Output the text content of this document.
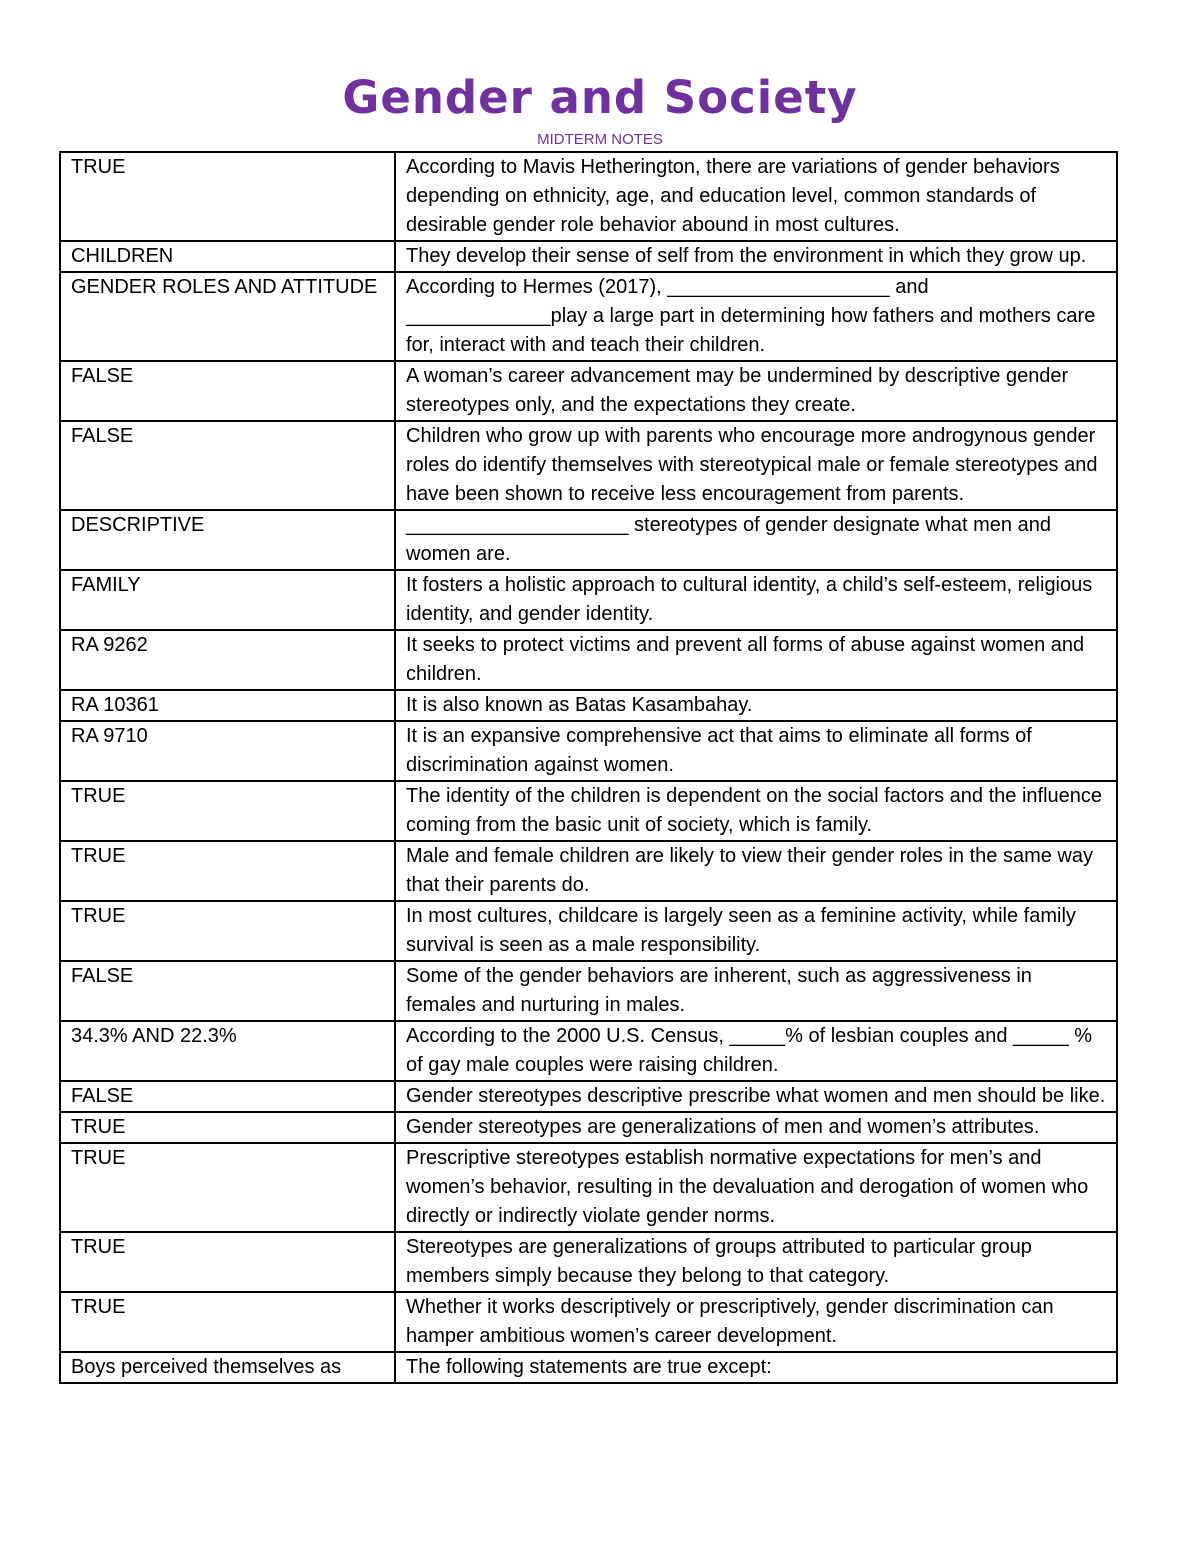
Gender and Society
MIDTERM NOTES
TRUE	According to Mavis Hetherington, there are variations of gender behaviors depending on ethnicity, age, and education level, common standards of desirable gender role behavior abound in most cultures.
CHILDREN	They develop their sense of self from the environment in which they grow up.
GENDER ROLES AND ATTITUDE	According to Hermes (2017), ____________________ and _____________play a large part in determining how fathers and mothers care for, interact with and teach their children.
FALSE	A woman’s career advancement may be undermined by descriptive gender stereotypes only, and the expectations they create.
FALSE	Children who grow up with parents who encourage more androgynous gender roles do identify themselves with stereotypical male or female stereotypes and have been shown to receive less encouragement from parents.
DESCRIPTIVE	____________________ stereotypes of gender designate what men and women are.
FAMILY	It fosters a holistic approach to cultural identity, a child’s self-esteem, religious identity, and gender identity.
RA 9262	It seeks to protect victims and prevent all forms of abuse against women and children.
RA 10361	It is also known as Batas Kasambahay.
RA 9710	It is an expansive comprehensive act that aims to eliminate all forms of discrimination against women.
TRUE	The identity of the children is dependent on the social factors and the influence coming from the basic unit of society, which is family.
TRUE	Male and female children are likely to view their gender roles in the same way that their parents do.
TRUE	In most cultures, childcare is largely seen as a feminine activity, while family survival is seen as a male responsibility.
FALSE	Some of the gender behaviors are inherent, such as aggressiveness in females and nurturing in males.
34.3% AND 22.3%	According to the 2000 U.S. Census, _____% of lesbian couples and _____ % of gay male couples were raising children.
FALSE	Gender stereotypes descriptive prescribe what women and men should be like.
TRUE	Gender stereotypes are generalizations of men and women’s attributes.
TRUE	Prescriptive stereotypes establish normative expectations for men’s and women’s behavior, resulting in the devaluation and derogation of women who directly or indirectly violate gender norms.
TRUE	Stereotypes are generalizations of groups attributed to particular group members simply because they belong to that category.
TRUE	Whether it works descriptively or prescriptively, gender discrimination can hamper ambitious women’s career development.
Boys perceived themselves as	The following statements are true except:
